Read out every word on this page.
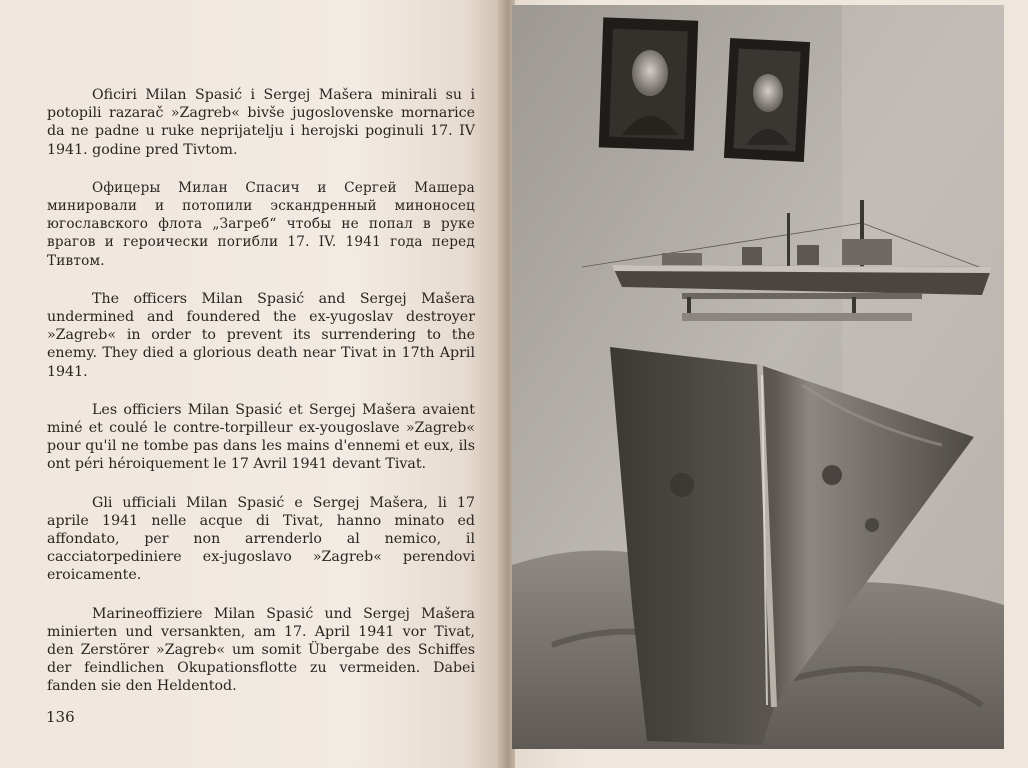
Oficiri Milan Spasić i Sergej Mašera minirali su i potopili razarač »Zagreb« bivše jugoslovenske mornarice da ne padne u ruke neprijatelju i herojski poginuli 17. IV 1941. godine pred Tivtom.

Офицеры Милан Спасич и Сергей Машера минировали и потопили эскандренный миноносец югославского флота „Загреб“ чтобы не попал в руке врагов и героически погибли 17. IV. 1941 года перед Тивтом.

The officers Milan Spasić and Sergej Mašera undermined and foundered the ex-yugoslav destroyer »Zagreb« in order to prevent its surrendering to the enemy. They died a glorious death near Tivat in 17th April 1941.

Les officiers Milan Spasić et Sergej Mašera avaient miné et coulé le contre-torpilleur ex-yougoslave »Zagreb« pour qu'il ne tombe pas dans les mains d'ennemi et eux, ils ont péri héroiquement le 17 Avril 1941 devant Tivat.

Gli ufficiali Milan Spasić e Sergej Mašera, li 17 aprile 1941 nelle acque di Tivat, hanno minato ed affondato, per non arrenderlo al nemico, il cacciatorpediniere ex-jugoslavo »Zagreb« perendovi eroicamente.

Marineoffiziere Milan Spasić und Sergej Mašera minierten und versankten, am 17. April 1941 vor Tivat, den Zerstörer »Zagreb« um somit Übergabe des Schiffes der feindlichen Okupationsflotte zu vermeiden. Dabei fanden sie den Heldentod.

136
